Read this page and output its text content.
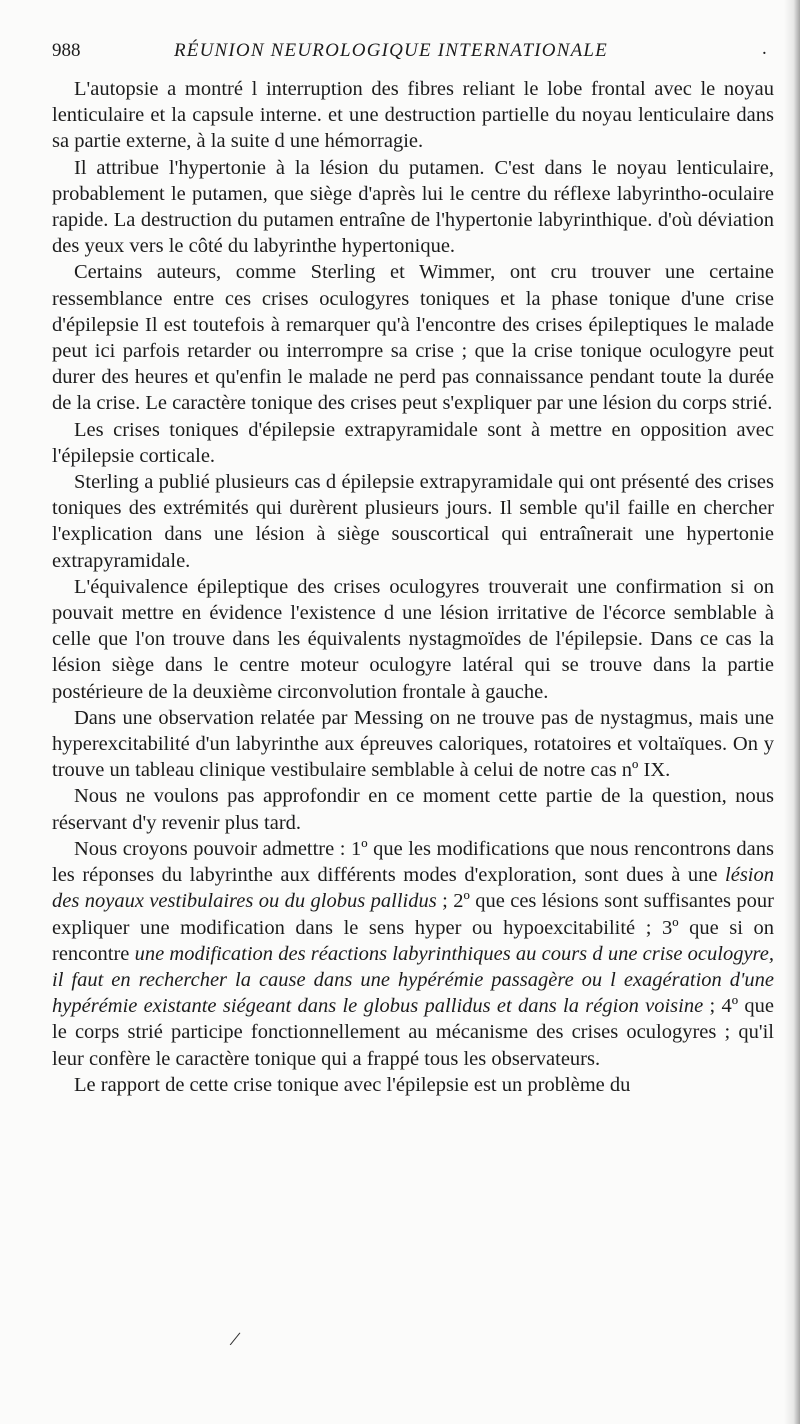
988	RÉUNION NEUROLOGIQUE INTERNATIONALE	.

L'autopsie a montré l interruption des fibres reliant le lobe frontal avec le noyau lenticulaire et la capsule interne. et une destruction partielle du noyau lenticulaire dans sa partie externe, à la suite d une hémorragie.

Il attribue l'hypertonie à la lésion du putamen. C'est dans le noyau lenticulaire, probablement le putamen, que siège d'après lui le centre du réflexe labyrintho-oculaire rapide. La destruction du putamen entraîne de l'hypertonie labyrinthique. d'où déviation des yeux vers le côté du labyrinthe hypertonique.

Certains auteurs, comme Sterling et Wimmer, ont cru trouver une certaine ressemblance entre ces crises oculogyres toniques et la phase tonique d'une crise d'épilepsie Il est toutefois à remarquer qu'à l'encontre des crises épileptiques le malade peut ici parfois retarder ou interrompre sa crise ; que la crise tonique oculogyre peut durer des heures et qu'enfin le malade ne perd pas connaissance pendant toute la durée de la crise. Le caractère tonique des crises peut s'expliquer par une lésion du corps strié.

Les crises toniques d'épilepsie extrapyramidale sont à mettre en opposition avec l'épilepsie corticale.

Sterling a publié plusieurs cas d épilepsie extrapyramidale qui ont présenté des crises toniques des extrémités qui durèrent plusieurs jours. Il semble qu'il faille en chercher l'explication dans une lésion à siège souscortical qui entraînerait une hypertonie extrapyramidale.

L'équivalence épileptique des crises oculogyres trouverait une confirmation si on pouvait mettre en évidence l'existence d une lésion irritative de l'écorce semblable à celle que l'on trouve dans les équivalents nystagmoïdes de l'épilepsie. Dans ce cas la lésion siège dans le centre moteur oculogyre latéral qui se trouve dans la partie postérieure de la deuxième circonvolution frontale à gauche.

Dans une observation relatée par Messing on ne trouve pas de nystagmus, mais une hyperexcitabilité d'un labyrinthe aux épreuves caloriques, rotatoires et voltaïques. On y trouve un tableau clinique vestibulaire semblable à celui de notre cas nº IX.

Nous ne voulons pas approfondir en ce moment cette partie de la question, nous réservant d'y revenir plus tard.

Nous croyons pouvoir admettre : 1º que les modifications que nous rencontrons dans les réponses du labyrinthe aux différents modes d'exploration, sont dues à une lésion des noyaux vestibulaires ou du globus pallidus ; 2º que ces lésions sont suffisantes pour expliquer une modification dans le sens hyper ou hypoexcitabilité ; 3º que si on rencontre une modification des réactions labyrinthiques au cours d une crise oculogyre, il faut en rechercher la cause dans une hypérémie passagère ou l exagération d'une hypérémie existante siégeant dans le globus pallidus et dans la région voisine ; 4º que le corps strié participe fonctionnellement au mécanisme des crises oculogyres ; qu'il leur confère le caractère tonique qui a frappé tous les observateurs.

Le rapport de cette crise tonique avec l'épilepsie est un problème du

/
